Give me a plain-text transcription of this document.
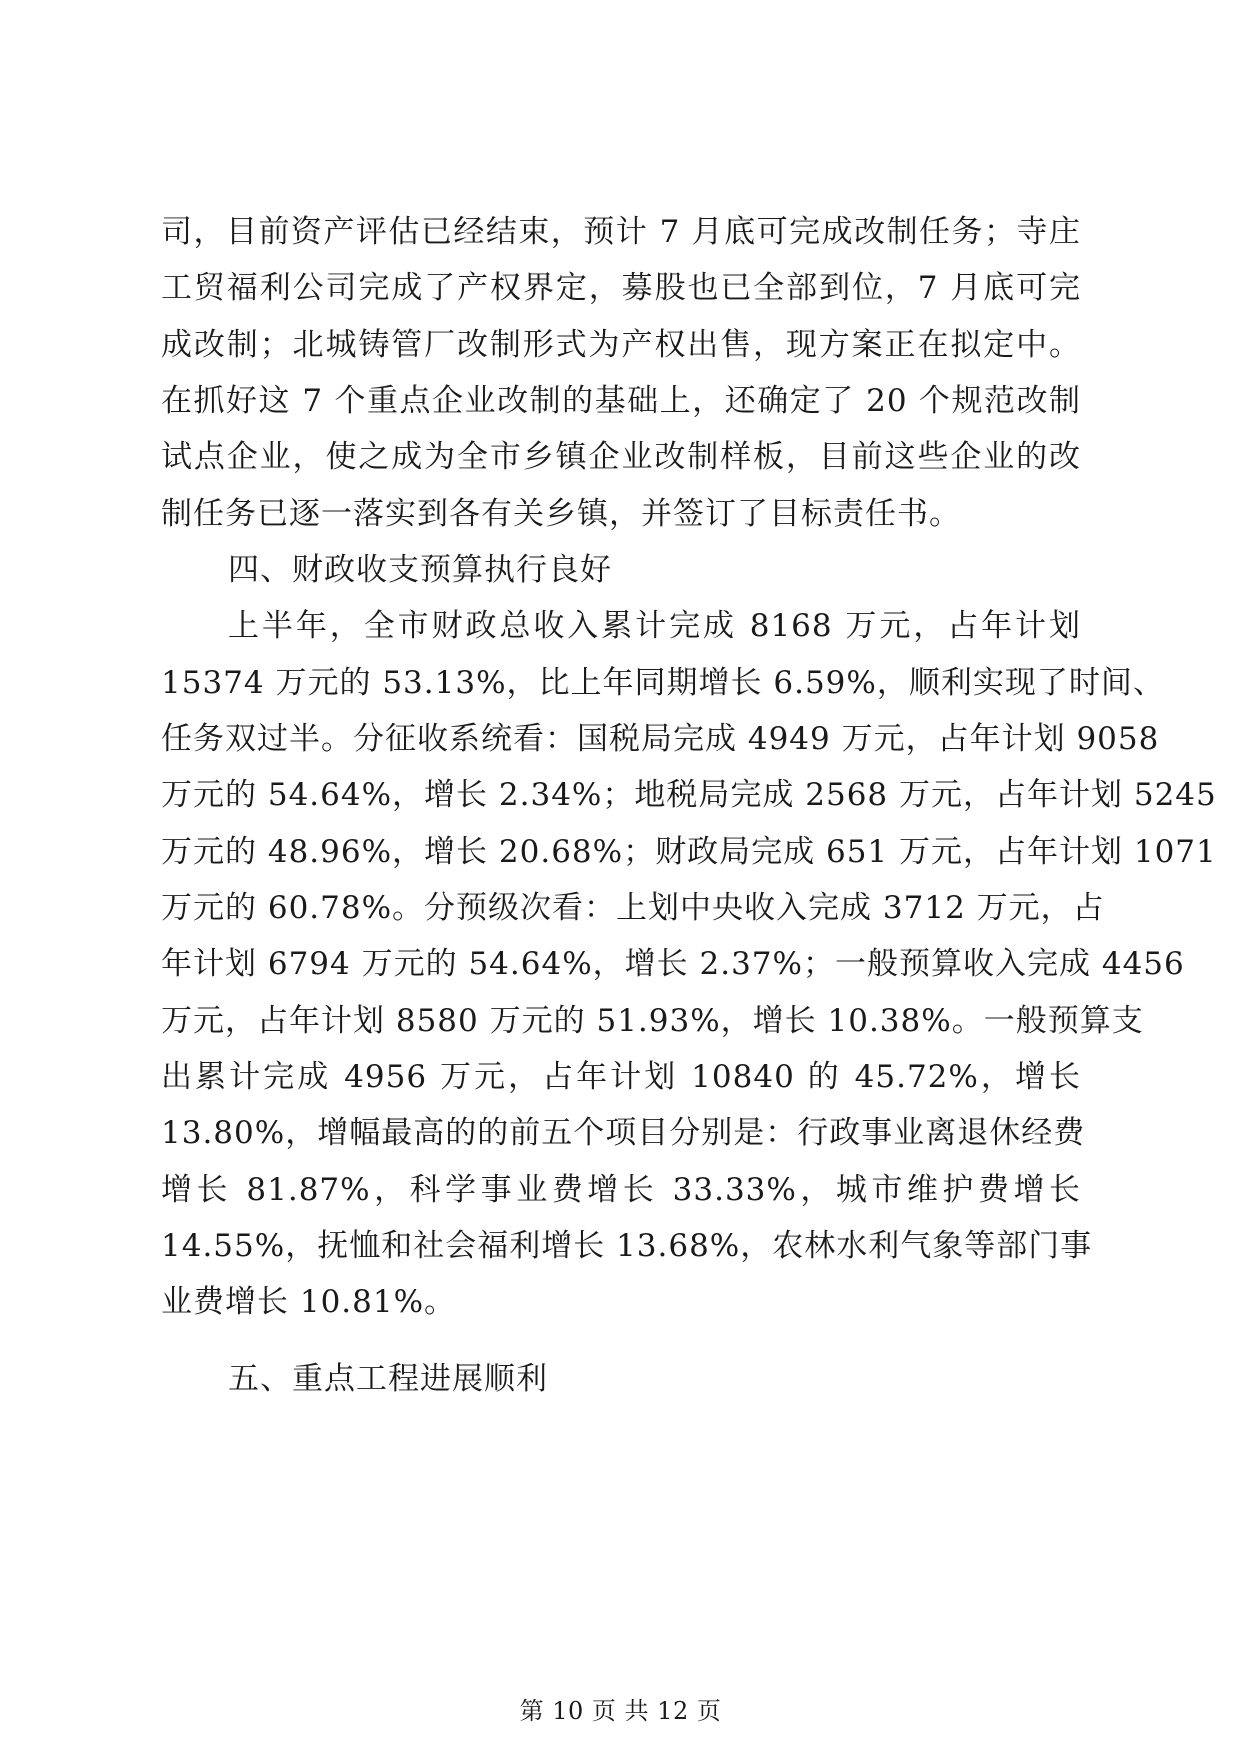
司，目前资产评估已经结束，预计 7 月底可完成改制任务；寺庄
工贸福利公司完成了产权界定，募股也已全部到位，7 月底可完
成改制；北城铸管厂改制形式为产权出售，现方案正在拟定中。
在抓好这 7 个重点企业改制的基础上，还确定了 20 个规范改制
试点企业，使之成为全市乡镇企业改制样板，目前这些企业的改
制任务已逐一落实到各有关乡镇，并签订了目标责任书。
四、财政收支预算执行良好
上半年，全市财政总收入累计完成 8168 万元，占年计划
15374 万元的 53.13%，比上年同期增长 6.59%，顺利实现了时间、
任务双过半。分征收系统看：国税局完成 4949 万元，占年计划 9058
万元的 54.64%，增长 2.34%；地税局完成 2568 万元，占年计划 5245
万元的 48.96%，增长 20.68%；财政局完成 651 万元，占年计划 1071
万元的 60.78%。分预级次看：上划中央收入完成 3712 万元，占
年计划 6794 万元的 54.64%，增长 2.37%；一般预算收入完成 4456
万元，占年计划 8580 万元的 51.93%，增长 10.38%。一般预算支
出累计完成 4956 万元，占年计划 10840 的 45.72%，增长
13.80%，增幅最高的的前五个项目分别是：行政事业离退休经费
增长 81.87%，科学事业费增长 33.33%，城市维护费增长
14.55%，抚恤和社会福利增长 13.68%，农林水利气象等部门事
业费增长 10.81%。
五、重点工程进展顺利
第 10 页 共 12 页
